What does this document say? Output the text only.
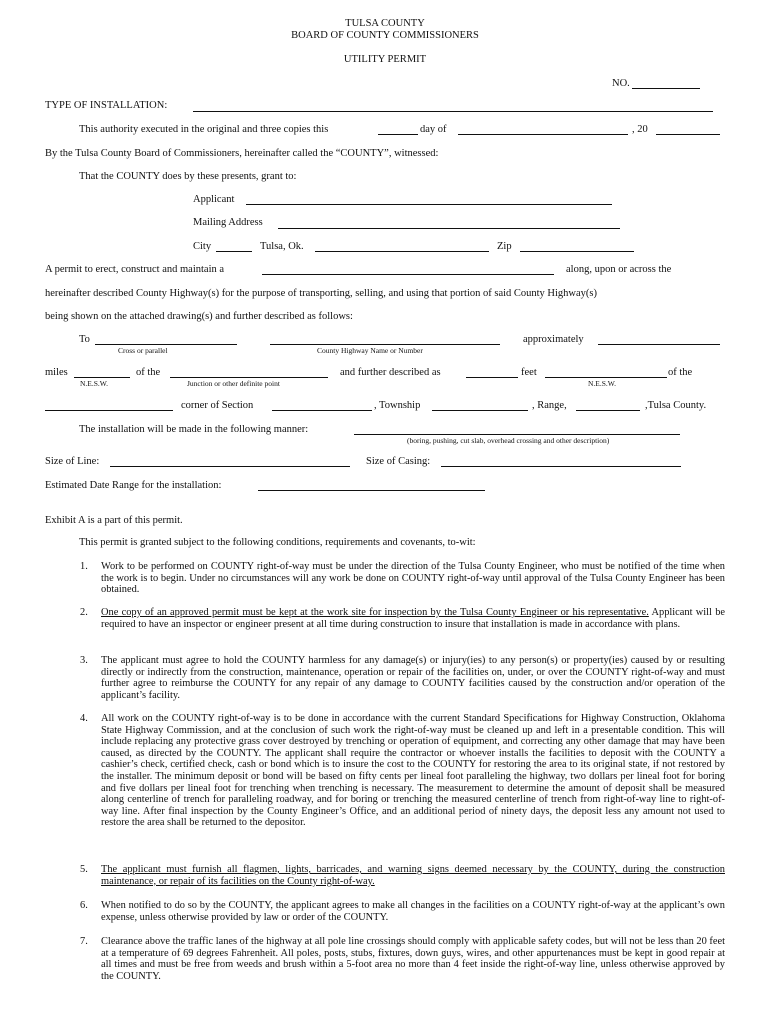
TULSA COUNTY
BOARD OF COUNTY COMMISSIONERS
UTILITY PERMIT
NO.
TYPE OF INSTALLATION:
This authority executed in the original and three copies this	day of	, 20
By the Tulsa County Board of Commissioners, hereinafter called the “COUNTY”, witnessed:
That the COUNTY does by these presents, grant to:
Applicant
Mailing Address
City	Tulsa, Ok.	Zip
A permit to erect, construct and maintain a	along, upon or across the
hereinafter described County Highway(s) for the purpose of transporting, selling, and using that portion of said County Highway(s)
being shown on the attached drawing(s) and further described as follows:
To	approximately
Cross or parallel	County Highway Name or Number
miles	of the	and further described as	feet	of the
N.E.S.W.	Junction or other definite point	N.E.S.W.
corner of Section	, Township	, Range,	,Tulsa County.
The installation will be made in the following manner:
(boring, pushing, cut slab, overhead crossing and other description)
Size of Line:	Size of Casing:
Estimated Date Range for the installation:
Exhibit A is a part of this permit.
This permit is granted subject to the following conditions, requirements and covenants, to-wit:
1. Work to be performed on COUNTY right-of-way must be under the direction of the Tulsa County Engineer, who must be notified of the time when the work is to begin. Under no circumstances will any work be done on COUNTY right-of-way until approval of the Tulsa County Engineer has been obtained.
2. One copy of an approved permit must be kept at the work site for inspection by the Tulsa County Engineer or his representative. Applicant will be required to have an inspector or engineer present at all time during construction to insure that installation is made in accordance with plans.
3. The applicant must agree to hold the COUNTY harmless for any damage(s) or injury(ies) to any person(s) or property(ies) caused by or resulting directly or indirectly from the construction, maintenance, operation or repair of the facilities on, under, or over the COUNTY right-of-way and must further agree to reimburse the COUNTY for any repair of any damage to COUNTY facilities caused by the construction and/or operation of the applicant’s facility.
4. All work on the COUNTY right-of-way is to be done in accordance with the current Standard Specifications for Highway Construction, Oklahoma State Highway Commission, and at the conclusion of such work the right-of-way must be cleaned up and left in a presentable condition. This will include replacing any protective grass cover destroyed by trenching or operation of equipment, and correcting any other damage that may have been caused, as directed by the COUNTY. The applicant shall require the contractor or whoever installs the facilities to deposit with the COUNTY a cashier’s check, certified check, cash or bond which is to insure the cost to the COUNTY for restoring the area to its original state, if not restored by the installer. The minimum deposit or bond will be based on fifty cents per lineal foot paralleling the highway, two dollars per lineal foot for boring and five dollars per lineal foot for trenching when trenching is necessary. The measurement to determine the amount of deposit shall be measured along centerline of trench for paralleling roadway, and for boring or trenching the measured centerline of trench from right-of-way line to right-of-way line. After final inspection by the County Engineer’s Office, and an additional period of ninety days, the deposit less any amount not used to restore the area shall be returned to the depositor.
5. The applicant must furnish all flagmen, lights, barricades, and warning signs deemed necessary by the COUNTY, during the construction maintenance, or repair of its facilities on the County right-of-way.
6. When notified to do so by the COUNTY, the applicant agrees to make all changes in the facilities on a COUNTY right-of-way at the applicant’s own expense, unless otherwise provided by law or order of the COUNTY.
7. Clearance above the traffic lanes of the highway at all pole line crossings should comply with applicable safety codes, but will not be less than 20 feet at a temperature of 69 degrees Fahrenheit. All poles, posts, stubs, fixtures, down guys, wires, and other appurtenances must be kept in good repair at all times and must be free from weeds and brush within a 5-foot area no more than 4 feet inside the right-of-way line, unless otherwise approved by the COUNTY.
